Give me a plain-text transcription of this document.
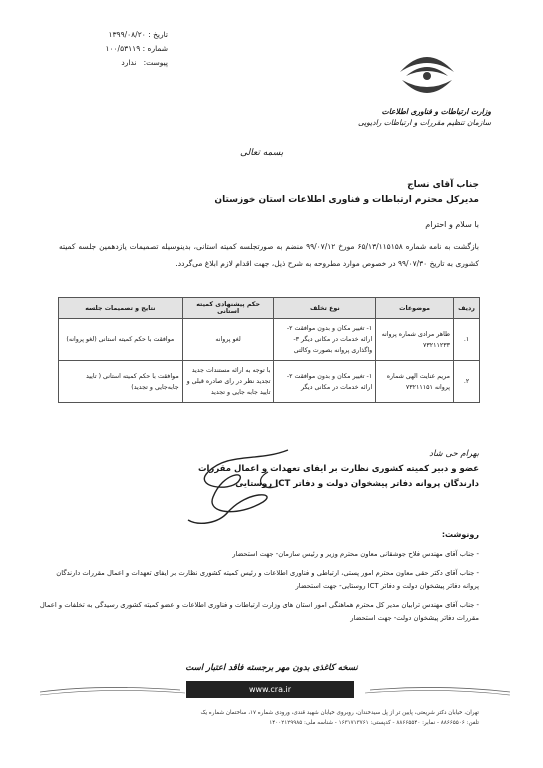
تاریخ : ۱۳۹۹/۰۸/۲۰
شماره : ۱۰۰/۵۳۱۱۹
پیوست:   ندارد
وزارت ارتباطات و فناوری اطلاعات
سازمان تنظیم مقررات و ارتباطات رادیویی
بسمه تعالی
جناب آقای نساج
مدیرکل محترم ارتباطات و فناوری اطلاعات استان خوزستان
با سلام و احترام
بازگشت به نامه شماره ۶۵/۱۳/۱۱۵۱۵۸ مورخ ۹۹/۰۷/۱۲ منضم به صورتجلسه کمیته استانی، بدینوسیله تصمیمات یازدهمین جلسه کمیته کشوری به تاریخ ۹۹/۰۷/۳۰ در خصوص موارد مطروحه به شرح ذیل، جهت اقدام لازم ابلاغ می‌گردد.
ردیف	موضوعات	نوع تخلف	حکم پیشنهادی کمیته استانی	نتایج و تصمیمات جلسه
۱.	طاهر مرادی شماره پروانه ۷۳۲۱۱۲۳۳	۱- تغییر مکان و بدون موافقت ۲- ارائه خدمات در مکانی دیگر ۳- واگذاری پروانه بصورت وکالتی	لغو پروانه	موافقت با حکم کمیته استانی (لغو پروانه)
۲.	مریم عنایت الهی شماره پروانه ۷۳۲۱۱۱۵۱	۱- تغییر مکان و بدون موافقت ۲- ارائه خدمات در مکانی دیگر	با توجه به ارائه مستندات جدید تجدید نظر در رای صادره قبلی و تایید جابه جایی و تجدید	موافقت با حکم کمیته استانی ( تایید جابه‌جایی و تجدید)
بهرام حی شاد
عضو و دبیر کمیته کشوری نظارت بر ایفای تعهدات و اعمال مقررات
دارندگان پروانه دفاتر پیشخوان دولت و دفاتر ICT روستایی
رونوشت:

- جناب آقای مهندس فلاح جوشقانی معاون محترم وزیر و رئیس سازمان- جهت استحضار

- جناب آقای دکتر حقی معاون محترم امور پستی، ارتباطی و فناوری اطلاعات و رئیس کمیته کشوری نظارت بر ایفای تعهدات و اعمال مقررات دارندگان پروانه دفاتر پیشخوان دولت و دفاتر ICT روستایی- جهت استحضار

- جناب آقای مهندس ترابیان مدیر کل محترم هماهنگی امور استان های وزارت ارتباطات و فناوری اطلاعات و عضو کمیته کشوری رسیدگی به تخلفات و اعمال مقررات دفاتر پیشخوان دولت- جهت استحضار

نسخه کاغذی بدون مهر برجسته فاقد اعتبار است
www.cra.ir
تهران، خیابان دکتر شریعتی، پایین تر از پل سیدخندان، روبروی خیابان شهید قندی، ورودی شماره ۱۷، ساختمان شماره یک
تلفن: ۸۸۶۶۵۵۰۶ - نمابر: ۸۸۶۶۵۵۴۰ - کدپستی: ۱۶۳۱۷۱۳۷۶۱ - شناسه ملی: ۱۴۰۰۲۱۲۹۹۸۵
